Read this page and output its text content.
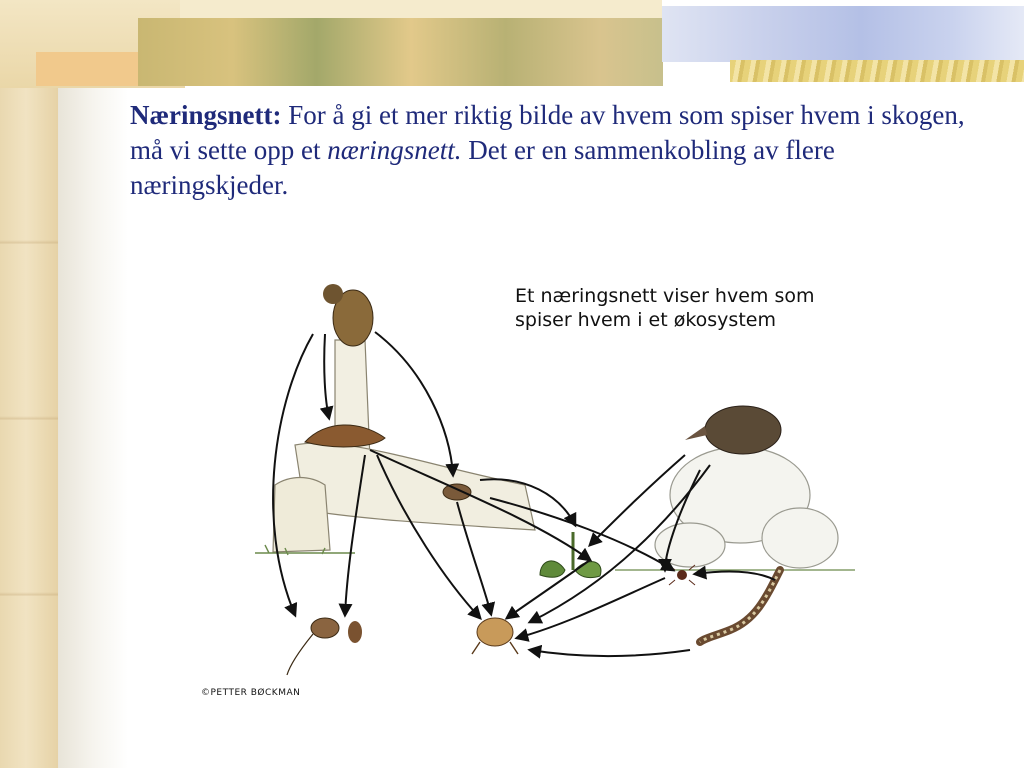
Næringsnett: For å gi et mer riktig bilde av hvem som spiser hvem i skogen, må vi sette opp et næringsnett. Det er en sammenkobling av flere næringskjeder.

Et næringsnett viser hvem som spiser hvem i et økosystem

©PETTER BØCKMAN
